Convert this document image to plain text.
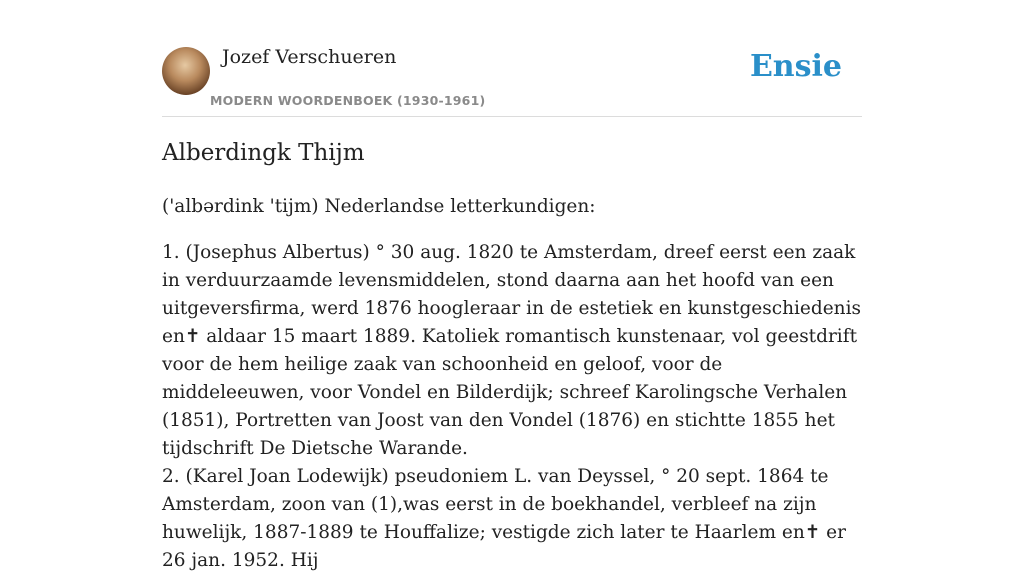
Jozef Verschueren
MODERN WOORDENBOEK (1930-1961)
Ensie
Alberdingk Thijm

('albərdink 'tijm) Nederlandse letterkundigen:

1. (Josephus Albertus) ° 30 aug. 1820 te Amsterdam, dreef eerst een zaak in verduurzaamde levensmiddelen, stond daarna aan het hoofd van een uitgeversfirma, werd 1876 hoogleraar in de estetiek en kunstgeschiedenis en✝ aldaar 15 maart 1889. Katoliek romantisch kunstenaar, vol geestdrift voor de hem heilige zaak van schoonheid en geloof, voor de middeleeuwen, voor Vondel en Bilderdijk; schreef Karolingsche Verhalen (1851), Portretten van Joost van den Vondel (1876) en stichtte 1855 het tijdschrift De Dietsche Warande.

2. (Karel Joan Lodewijk) pseudoniem L. van Deyssel, ° 20 sept. 1864 te Amsterdam, zoon van (1),was eerst in de boekhandel, verbleef na zijn huwelijk, 1887-1889 te Houffalize; vestigde zich later te Haarlem en✝ er 26 jan. 1952. Hij
